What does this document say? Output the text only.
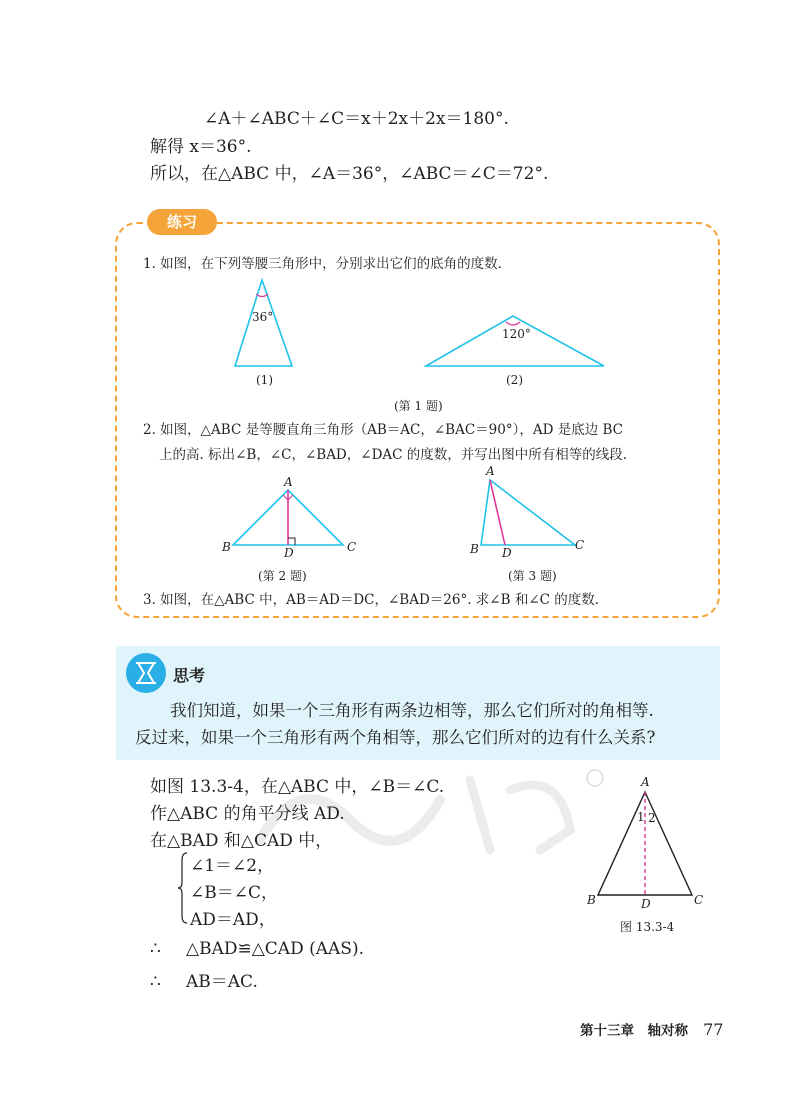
∠A＋∠ABC＋∠C＝x＋2x＋2x＝180°.
解得 x＝36°.
所以，在△ABC 中，∠A＝36°，∠ABC＝∠C＝72°.
练习
1. 如图，在下列等腰三角形中，分别求出它们的底角的度数.
36°
(1)
120°
(2)
(第 1 题)
2. 如图，△ABC 是等腰直角三角形（AB＝AC，∠BAC＝90°），AD 是底边 BC
上的高. 标出∠B，∠C，∠BAD，∠DAC 的度数，并写出图中所有相等的线段.
A
B	C
D
(第 2 题)
A
B	C
D
(第 3 题)
3. 如图，在△ABC 中，AB＝AD＝DC，∠BAD＝26°. 求∠B 和∠C 的度数.
思考
我们知道，如果一个三角形有两条边相等，那么它们所对的角相等.
反过来，如果一个三角形有两个角相等，那么它们所对的边有什么关系?
如图 13.3-4，在△ABC 中，∠B＝∠C.
作△ABC 的角平分线 AD.
在△BAD 和△CAD 中，
∠1＝∠2，
∠B＝∠C，
AD＝AD，
∴ △BAD≌△CAD (AAS).
∴ AB＝AC.
A
B	C
D
1 2
图 13.3-4
第十三章　轴对称 77
